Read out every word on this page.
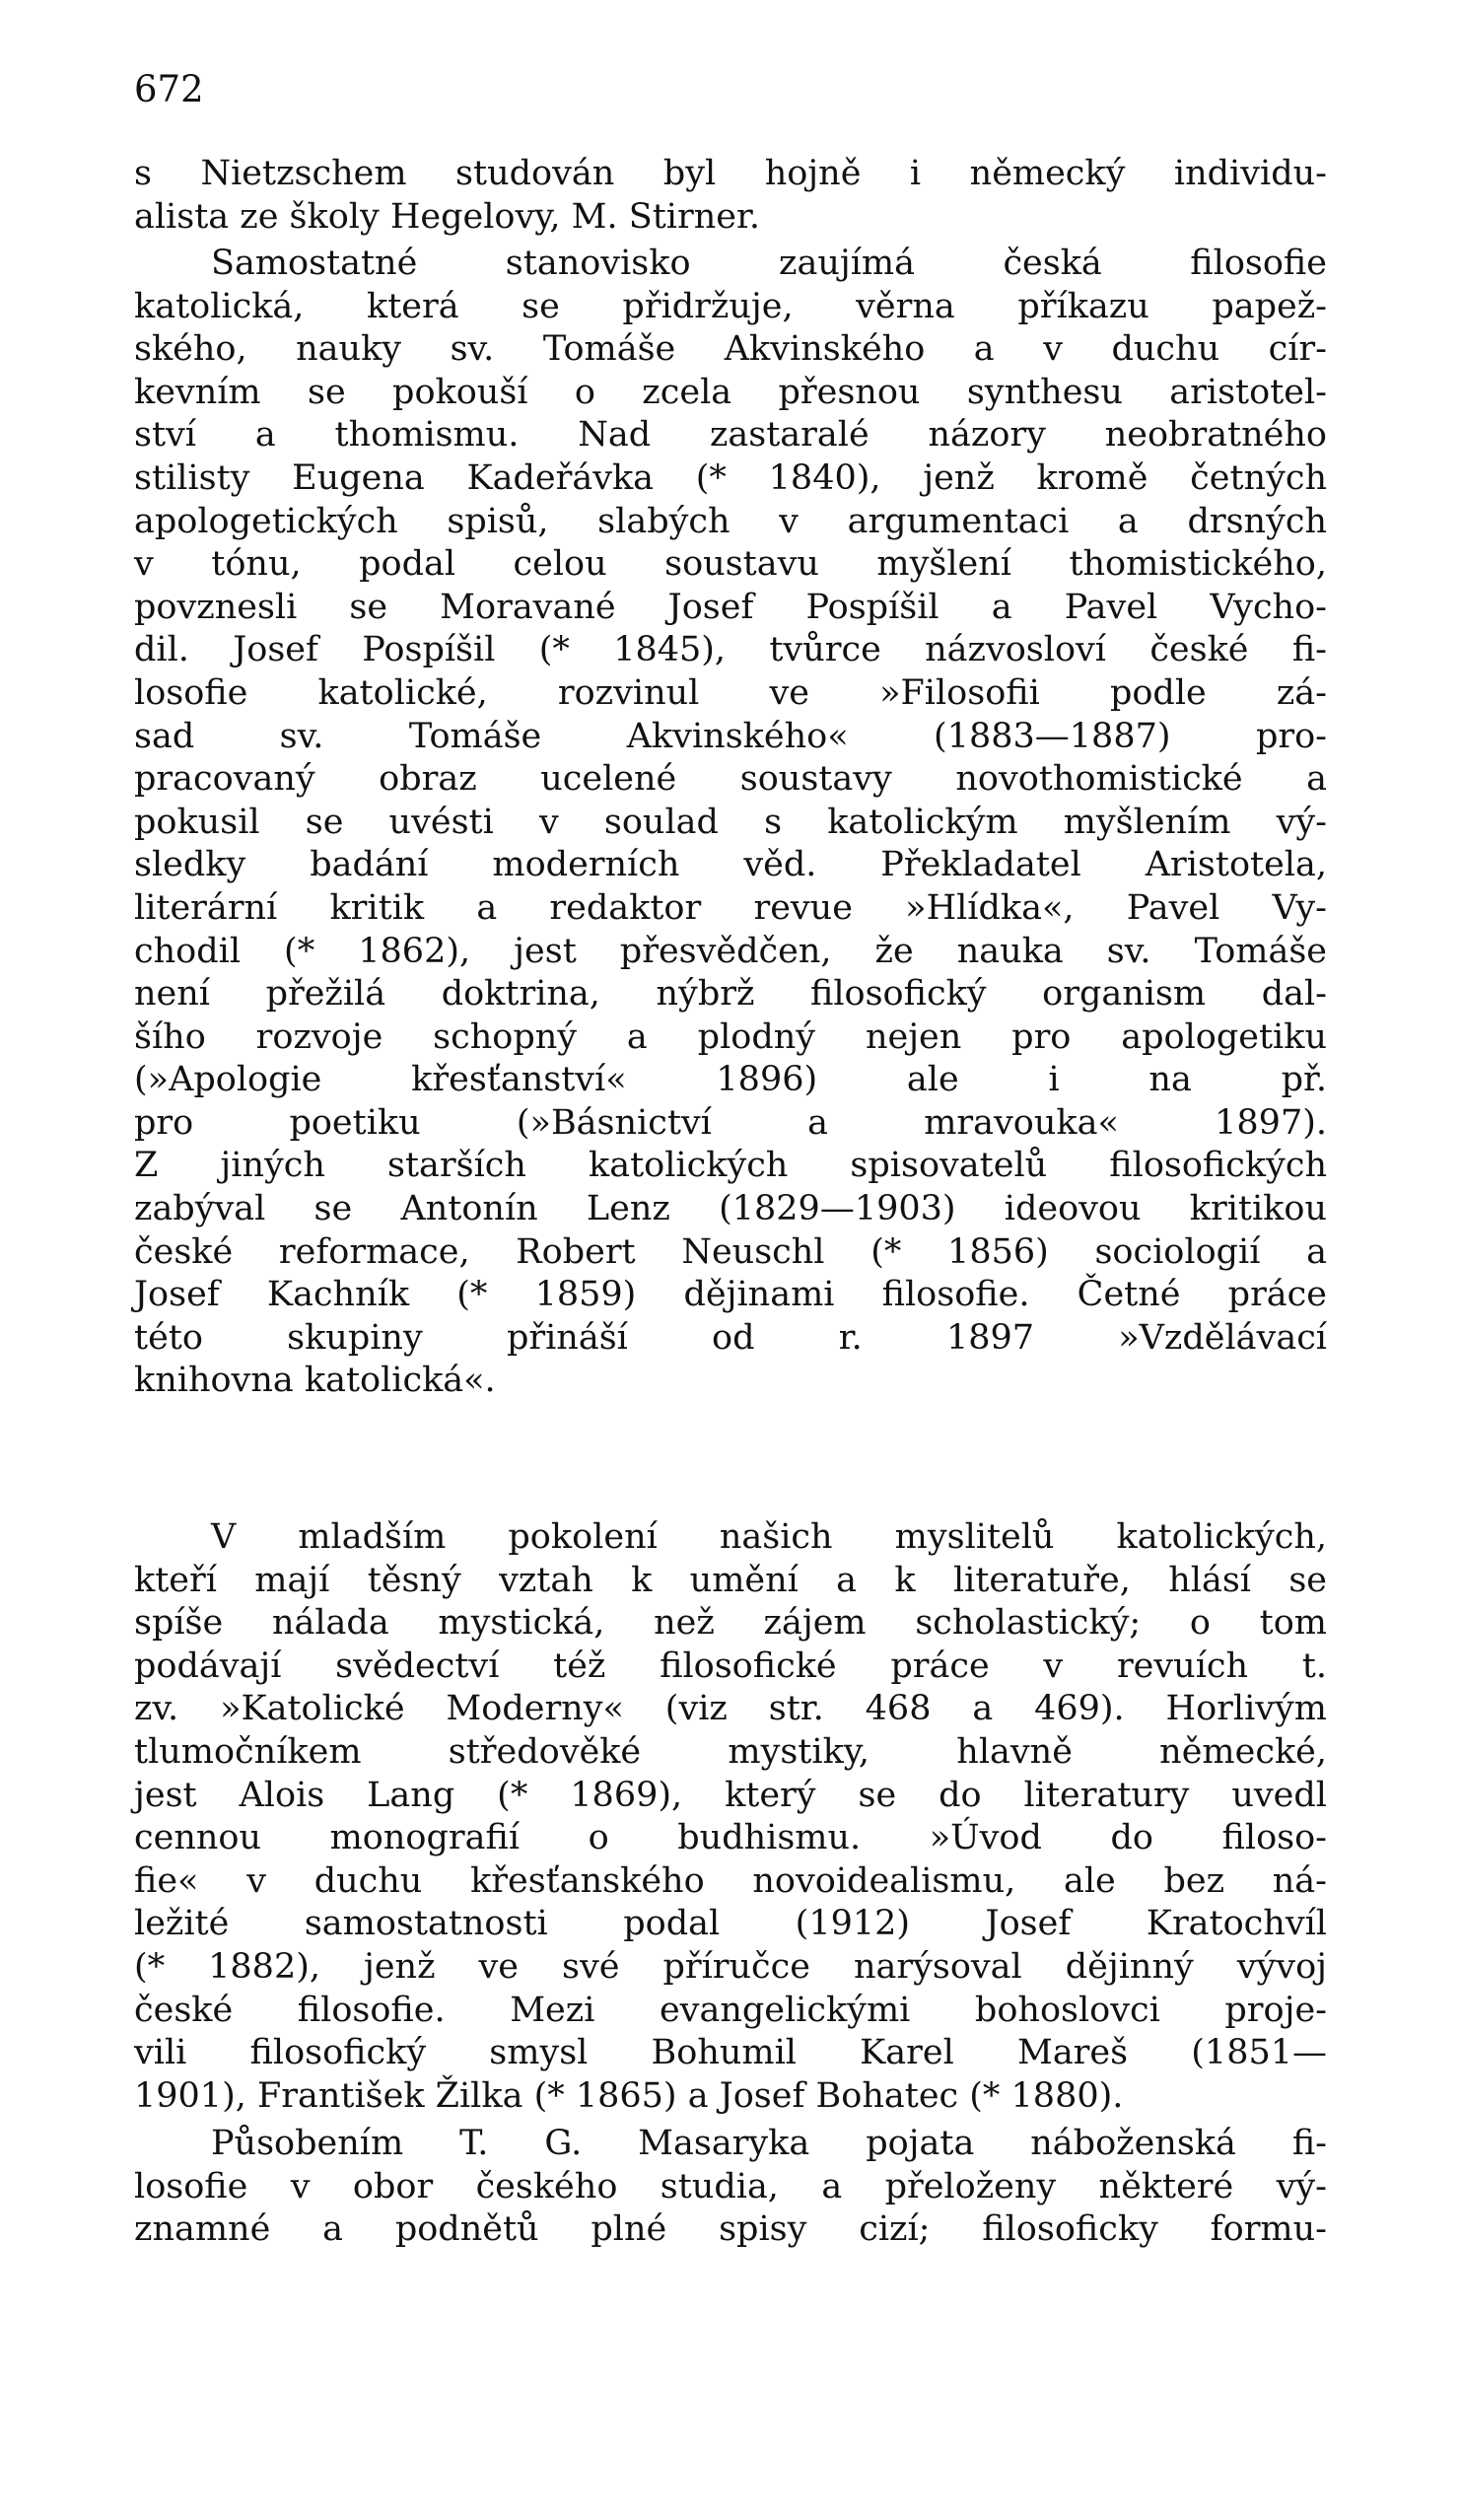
672
s Nietzschem studován byl hojně i německý individu-
alista ze školy Hegelovy, M. Stirner.
Samostatné stanovisko zaujímá česká filosofie
katolická, která se přidržuje, věrna příkazu papež-
ského, nauky sv. Tomáše Akvinského a v duchu cír-
kevním se pokouší o zcela přesnou synthesu aristotel-
ství a thomismu. Nad zastaralé názory neobratného
stilisty Eugena Kadeřávka (* 1840), jenž kromě četných
apologetických spisů, slabých v argumentaci a drsných
v tónu, podal celou soustavu myšlení thomistického,
povznesli se Moravané Josef Pospíšil a Pavel Vycho-
dil. Josef Pospíšil (* 1845), tvůrce názvosloví české fi-
losofie katolické, rozvinul ve »Filosofii podle zá-
sad sv. Tomáše Akvinského« (1883—1887) pro-
pracovaný obraz ucelené soustavy novothomistické a
pokusil se uvésti v soulad s katolickým myšlením vý-
sledky badání moderních věd. Překladatel Aristotela,
literární kritik a redaktor revue »Hlídka«, Pavel Vy-
chodil (* 1862), jest přesvědčen, že nauka sv. Tomáše
není přežilá doktrina, nýbrž filosofický organism dal-
šího rozvoje schopný a plodný nejen pro apologetiku
(»Apologie křesťanství« 1896) ale i na př.
pro poetiku (»Básnictví a mravouka« 1897).
Z jiných starších katolických spisovatelů filosofických
zabýval se Antonín Lenz (1829—1903) ideovou kritikou
české reformace, Robert Neuschl (* 1856) sociologií a
Josef Kachník (* 1859) dějinami filosofie. Četné práce
této skupiny přináší od r. 1897 »Vzdělávací
knihovna katolická«.
V mladším pokolení našich myslitelů katolických,
kteří mají těsný vztah k umění a k literatuře, hlásí se
spíše nálada mystická, než zájem scholastický; o tom
podávají svědectví též filosofické práce v revuích t.
zv. »Katolické Moderny« (viz str. 468 a 469). Horlivým
tlumočníkem středověké mystiky, hlavně německé,
jest Alois Lang (* 1869), který se do literatury uvedl
cennou monografií o budhismu. »Úvod do filoso-
fie« v duchu křesťanského novoidealismu, ale bez ná-
ležité samostatnosti podal (1912) Josef Kratochvíl
(* 1882), jenž ve své příručce narýsoval dějinný vývoj
české filosofie. Mezi evangelickými bohoslovci proje-
vili filosofický smysl Bohumil Karel Mareš (1851—
1901), František Žilka (* 1865) a Josef Bohatec (* 1880).
Působením T. G. Masaryka pojata náboženská fi-
losofie v obor českého studia, a přeloženy některé vý-
znamné a podnětů plné spisy cizí; filosoficky formu-
